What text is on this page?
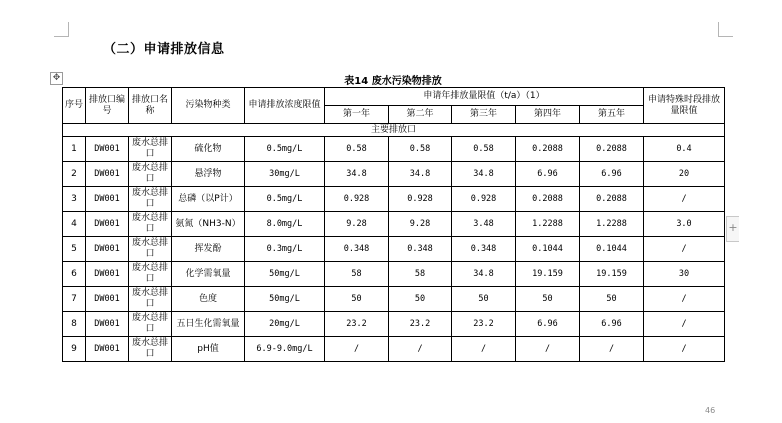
（二）申请排放信息
✥	表14 废水污染物排放
序号	排放口编号	排放口名称	污染物种类	申请排放浓度限值	申请年排放量限值（t/a）（1）					申请特殊时段排放量限值
					第一年	第二年	第三年	第四年	第五年	
主要排放口										
1	DW001	废水总排口	硫化物	0.5mg/L	0.58	0.58	0.58	0.2088	0.2088	0.4
2	DW001	废水总排口	悬浮物	30mg/L	34.8	34.8	34.8	6.96	6.96	20
3	DW001	废水总排口	总磷（以P计）	0.5mg/L	0.928	0.928	0.928	0.2088	0.2088	/
4	DW001	废水总排口	氨氮（NH3-N）	8.0mg/L	9.28	9.28	3.48	1.2288	1.2288	3.0
5	DW001	废水总排口	挥发酚	0.3mg/L	0.348	0.348	0.348	0.1044	0.1044	/
6	DW001	废水总排口	化学需氧量	50mg/L	58	58	34.8	19.159	19.159	30
7	DW001	废水总排口	色度	50mg/L	50	50	50	50	50	/
8	DW001	废水总排口	五日生化需氧量	20mg/L	23.2	23.2	23.2	6.96	6.96	/
9	DW001	废水总排口	pH值	6.9-9.0mg/L	/	/	/	/	/	/
+
46
